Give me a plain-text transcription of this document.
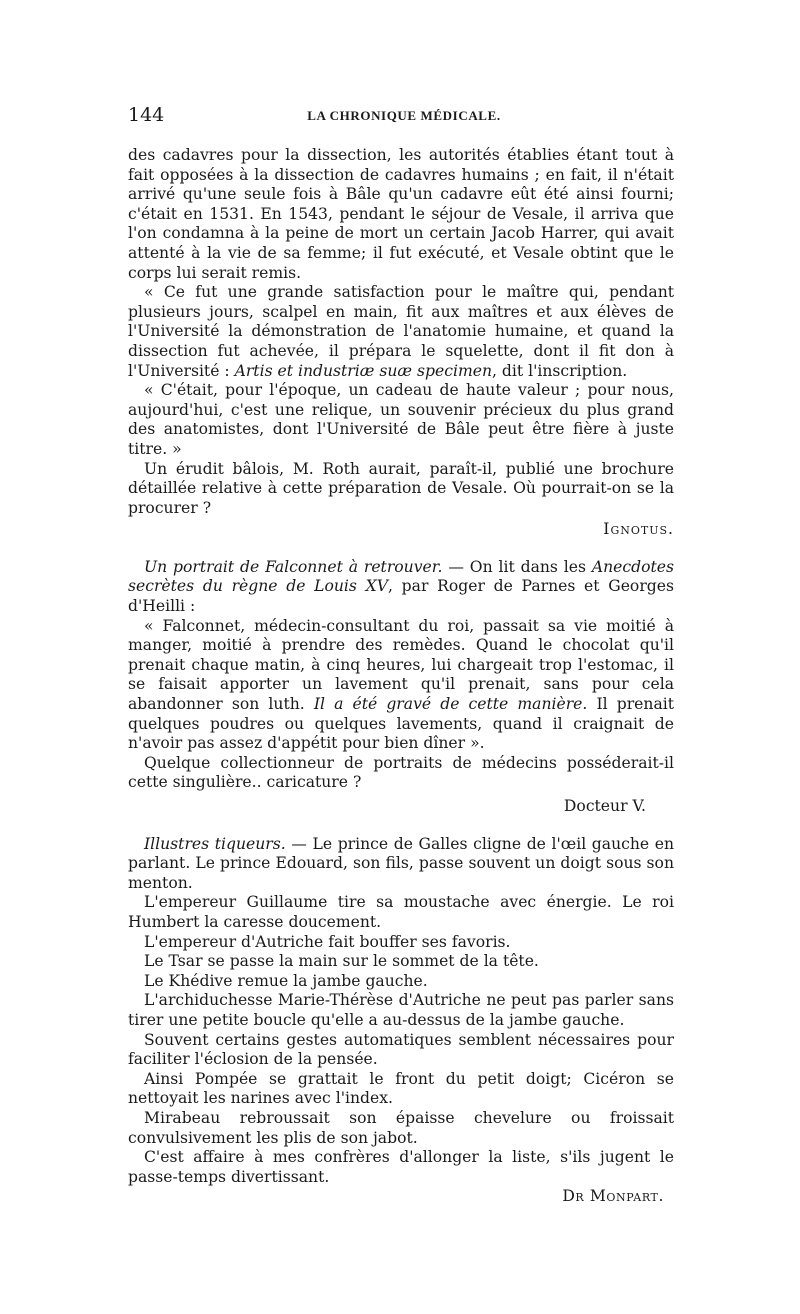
144	LA CHRONIQUE MÉDICALE.

des cadavres pour la dissection, les autorités établies étant tout à fait opposées à la dissection de cadavres humains ; en fait, il n'était arrivé qu'une seule fois à Bâle qu'un cadavre eût été ainsi fourni; c'était en 1531. En 1543, pendant le séjour de Vesale, il arriva que l'on condamna à la peine de mort un certain Jacob Harrer, qui avait attenté à la vie de sa femme; il fut exécuté, et Vesale obtint que le corps lui serait remis.

« Ce fut une grande satisfaction pour le maître qui, pendant plusieurs jours, scalpel en main, fit aux maîtres et aux élèves de l'Université la démonstration de l'anatomie humaine, et quand la dissection fut achevée, il prépara le squelette, dont il fit don à l'Université : Artis et industriæ suæ specimen, dit l'inscription.

« C'était, pour l'époque, un cadeau de haute valeur ; pour nous, aujourd'hui, c'est une relique, un souvenir précieux du plus grand des anatomistes, dont l'Université de Bâle peut être fière à juste titre. »

Un érudit bâlois, M. Roth aurait, paraît-il, publié une brochure détaillée relative à cette préparation de Vesale. Où pourrait-on se la procurer ?

Ignotus.

Un portrait de Falconnet à retrouver. — On lit dans les Anecdotes secrètes du règne de Louis XV, par Roger de Parnes et Georges d'Heilli :

« Falconnet, médecin-consultant du roi, passait sa vie moitié à manger, moitié à prendre des remèdes. Quand le chocolat qu'il prenait chaque matin, à cinq heures, lui chargeait trop l'estomac, il se faisait apporter un lavement qu'il prenait, sans pour cela abandonner son luth. Il a été gravé de cette manière. Il prenait quelques poudres ou quelques lavements, quand il craignait de n'avoir pas assez d'appétit pour bien dîner ».

Quelque collectionneur de portraits de médecins posséderait-il cette singulière.. caricature ?

Docteur V.

Illustres tiqueurs. — Le prince de Galles cligne de l'œil gauche en parlant. Le prince Edouard, son fils, passe souvent un doigt sous son menton.

L'empereur Guillaume tire sa moustache avec énergie. Le roi Humbert la caresse doucement.

L'empereur d'Autriche fait bouffer ses favoris.

Le Tsar se passe la main sur le sommet de la tête.

Le Khédive remue la jambe gauche.

L'archiduchesse Marie-Thérèse d'Autriche ne peut pas parler sans tirer une petite boucle qu'elle a au-dessus de la jambe gauche.

Souvent certains gestes automatiques semblent nécessaires pour faciliter l'éclosion de la pensée.

Ainsi Pompée se grattait le front du petit doigt; Cicéron se nettoyait les narines avec l'index.

Mirabeau rebroussait son épaisse chevelure ou froissait convulsivement les plis de son jabot.

C'est affaire à mes confrères d'allonger la liste, s'ils jugent le passe-temps divertissant.

Dr Monpart.
